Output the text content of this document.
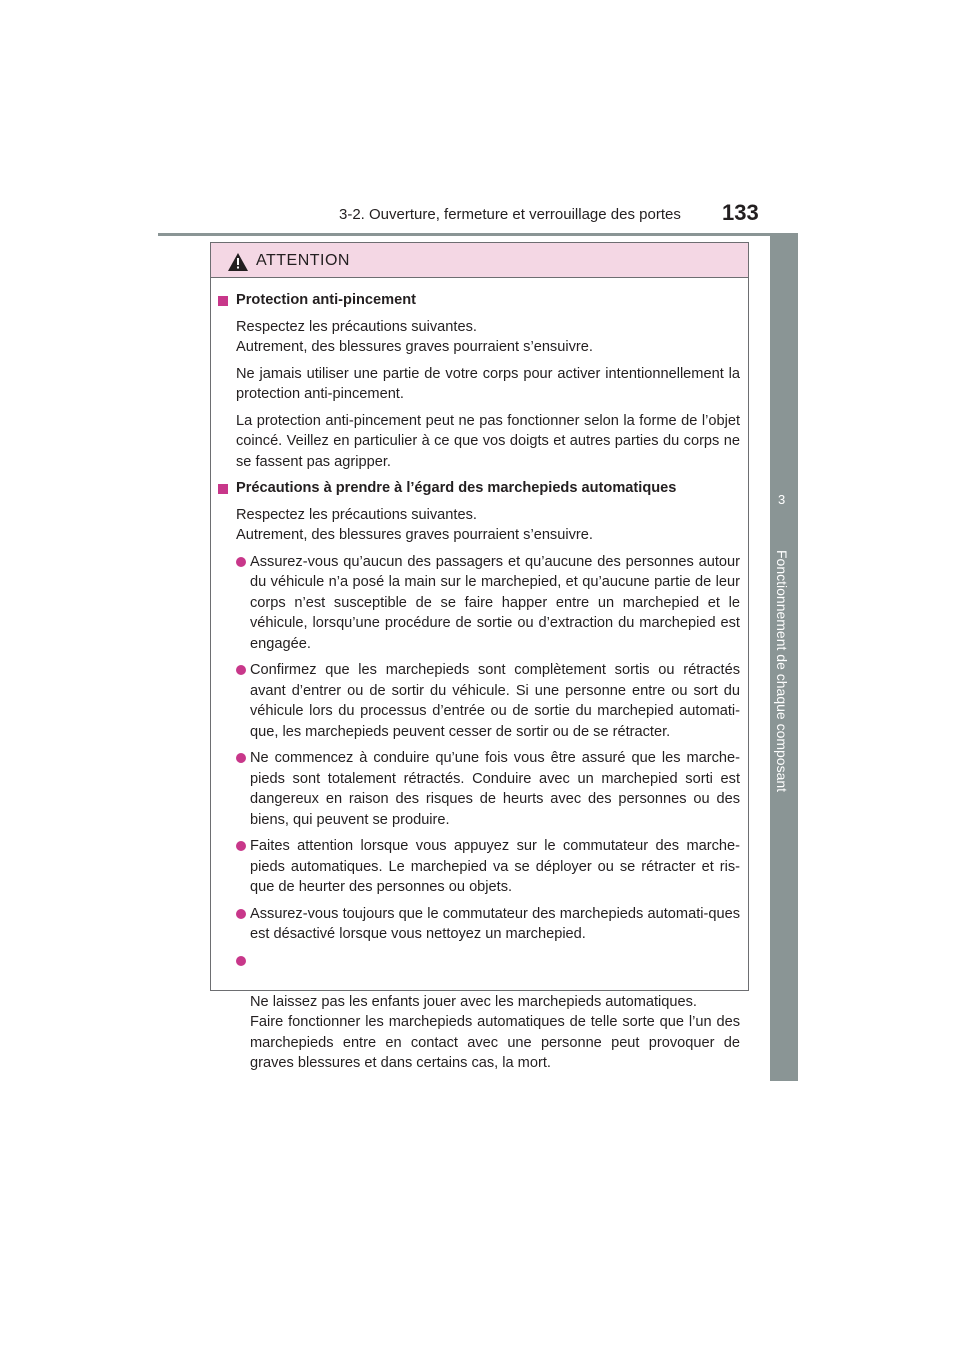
3-2. Ouverture, fermeture et verrouillage des portes 133
3
ATTENTION
Protection anti-pincement
Respectez les précautions suivantes.
Autrement, des blessures graves pourraient s’ensuivre.
Ne jamais utiliser une partie de votre corps pour activer intentionnellement la protection anti-pincement.
La protection anti-pincement peut ne pas fonctionner selon la forme de l’objet coincé. Veillez en particulier à ce que vos doigts et autres parties du corps ne se fassent pas agripper.
Précautions à prendre à l’égard des marchepieds automatiques
Respectez les précautions suivantes.
Autrement, des blessures graves pourraient s’ensuivre.
Assurez-vous qu’aucun des passagers et qu’aucune des personnes autour du véhicule n’a posé la main sur le marchepied, et qu’aucune partie de leur corps n’est susceptible de se faire happer entre un marchepied et le véhicule, lorsqu’une procédure de sortie ou d’extraction du marchepied est engagée.
Confirmez que les marchepieds sont complètement sortis ou rétractés avant d’entrer ou de sortir du véhicule. Si une personne entre ou sort du véhicule lors du processus d’entrée ou de sortie du marchepied automati-que, les marchepieds peuvent cesser de sortir ou de se rétracter.
Ne commencez à conduire qu’une fois vous être assuré que les marche-pieds sont totalement rétractés. Conduire avec un marchepied sorti est dangereux en raison des risques de heurts avec des personnes ou des biens, qui peuvent se produire.
Faites attention lorsque vous appuyez sur le commutateur des marche-pieds automatiques. Le marchepied va se déployer ou se rétracter et ris-que de heurter des personnes ou objets.
Assurez-vous toujours que le commutateur des marchepieds automati-ques est désactivé lorsque vous nettoyez un marchepied.

Ne laissez pas les enfants jouer avec les marchepieds automatiques.
Faire fonctionner les marchepieds automatiques de telle sorte que l’un des marchepieds entre en contact avec une personne peut provoquer de graves blessures et dans certains cas, la mort.
